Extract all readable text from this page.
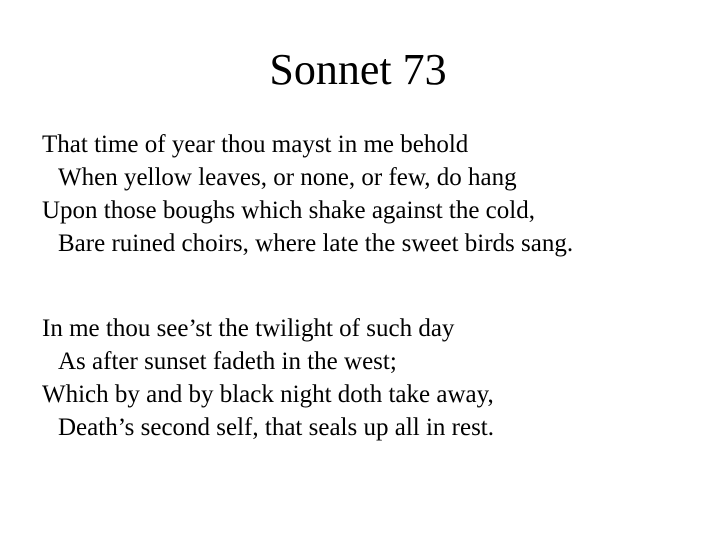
Sonnet 73
That time of year thou mayst in me behold
When yellow leaves, or none, or few, do hang
Upon those boughs which shake against the cold,
Bare ruined choirs, where late the sweet birds sang.
In me thou see’st the twilight of such day
As after sunset fadeth in the west;
Which by and by black night doth take away,
Death’s second self, that seals up all in rest.
